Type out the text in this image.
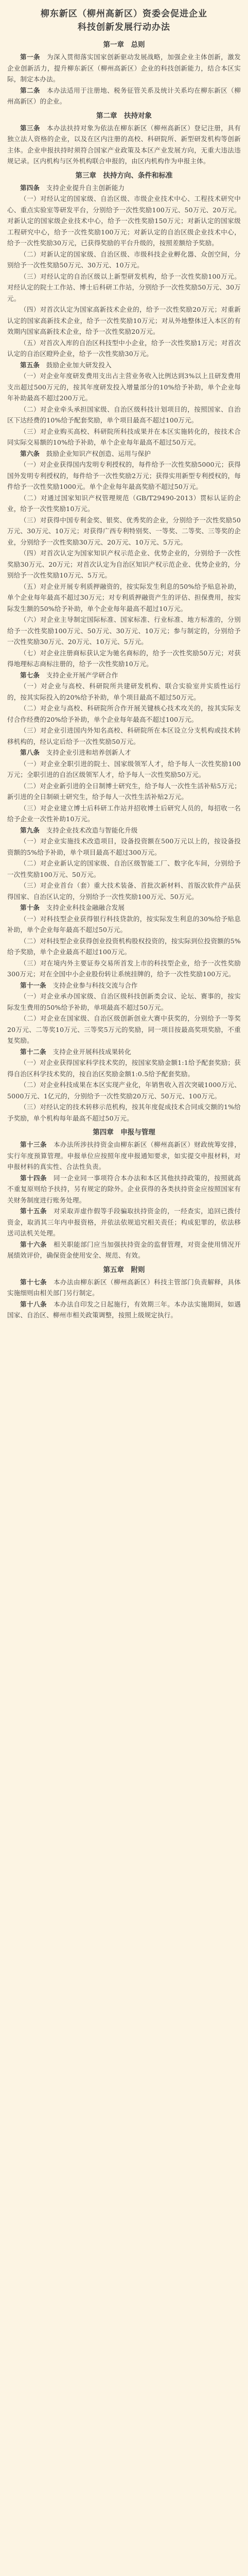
柳东新区（柳州高新区）资委会促进企业
科技创新发展行动办法
第一章　总则

第一条　为深入贯彻落实国家创新驱动发展战略，加强企业主体创新，激发企业创新活力，提升柳东新区（柳州高新区）企业的科技创新能力，结合本区实际，制定本办法。

第二条　本办法适用于注册地、税务征管关系及统计关系均在柳东新区（柳州高新区）的企业。

第二章　扶持对象

第三条　本办法扶持对象为依法在柳东新区（柳州高新区）登记注册，具有独立法人资格的企业，以及在区内注册的高校、科研院所、新型研发机构等创新主体。企业申报扶持时须符合国家产业政策及本区产业发展方向，无重大违法违规记录。区内机构与区外机构联合申报的，由区内机构作为申报主体。

第三章　扶持方向、条件和标准

第四条　支持企业提升自主创新能力

（一）对经认定的国家级、自治区级、市级企业技术中心、工程技术研究中心、重点实验室等研发平台，分别给予一次性奖励100万元、50万元、20万元。对新认定的国家级企业技术中心，给予一次性奖励150万元；对新认定的国家级工程研究中心，给予一次性奖励100万元；对新认定的自治区级企业技术中心，给予一次性奖励30万元，已获得奖励的平台升级的，按照差额给予奖励。

（二）对新认定的国家级、自治区级、市级科技企业孵化器、众创空间，分别给予一次性奖励50万元、30万元、10万元。

（三）对经认定的自治区级以上新型研发机构，给予一次性奖励100万元。对经认定的院士工作站、博士后科研工作站，分别给予一次性奖励50万元、30万元。

（四）对首次认定为国家高新技术企业的，给予一次性奖励20万元；对重新认定的国家高新技术企业，给予一次性奖励10万元；对从外地整体迁入本区的有效期内国家高新技术企业，给予一次性奖励20万元。

（五）对首次入库的自治区科技型中小企业，给予一次性奖励1万元；对首次认定的自治区瞪羚企业，给予一次性奖励30万元。

第五条　鼓励企业加大研发投入

（一）对企业年度研发费用支出占主营业务收入比例达到3%以上且研发费用支出超过500万元的，按其年度研发投入增量部分的10%给予补助，单个企业每年补助最高不超过200万元。

（二）对企业牵头承担国家级、自治区级科技计划项目的，按照国家、自治区下达经费的10%给予配套奖励，单个项目最高不超过100万元。

（三）对企业购买高校、科研院所科技成果并在本区实施转化的，按技术合同实际交易额的10%给予补助，单个企业每年最高不超过50万元。

第六条　鼓励企业知识产权创造、运用与保护

（一）对企业获得国内发明专利授权的，每件给予一次性奖励5000元；获得国外发明专利授权的，每件给予一次性奖励2万元；获得实用新型专利授权的，每件给予一次性奖励1000元。单个企业每年最高奖励不超过50万元。

（二）对通过国家知识产权管理规范（GB/T29490-2013）贯标认证的企业，给予一次性奖励10万元。

（三）对获得中国专利金奖、银奖、优秀奖的企业，分别给予一次性奖励50万元、30万元、10万元；对获得广西专利特别奖、一等奖、二等奖、三等奖的企业，分别给予一次性奖励30万元、20万元、10万元、5万元。

（四）对首次认定为国家知识产权示范企业、优势企业的，分别给予一次性奖励30万元、20万元；对首次认定为自治区知识产权示范企业、优势企业的，分别给予一次性奖励10万元、5万元。

（五）对企业开展专利质押融资的，按实际发生利息的50%给予贴息补助，单个企业每年最高不超过30万元；对专利质押融资产生的评估、担保费用，按实际发生额的50%给予补助，单个企业每年最高不超过10万元。

（六）对企业主导制定国际标准、国家标准、行业标准、地方标准的，分别给予一次性奖励100万元、50万元、30万元、10万元；参与制定的，分别给予一次性奖励30万元、20万元、10万元、5万元。

（七）对企业注册商标获认定为驰名商标的，给予一次性奖励50万元；对获得地理标志商标注册的，给予一次性奖励10万元。

第七条　支持企业开展产学研合作

（一）对企业与高校、科研院所共建研发机构、联合实验室并实质性运行的，按其实际投入的20%给予补助，单个项目最高不超过50万元。

（二）对企业与高校、科研院所合作开展关键核心技术攻关的，按其实际支付合作经费的20%给予补助，单个企业每年最高不超过100万元。

（三）对企业引进国内外知名高校、科研院所在本区设立分支机构或技术转移机构的，经认定后给予一次性奖励50万元。

第八条　支持企业引进和培养创新人才

（一）对企业全职引进的院士、国家级领军人才，给予每人一次性奖励100万元；全职引进的自治区级领军人才，给予每人一次性奖励50万元。

（二）对企业新引进的全日制博士研究生，给予每人一次性生活补贴5万元；新引进的全日制硕士研究生，给予每人一次性生活补贴2万元。

（三）对企业建立博士后科研工作站并招收博士后研究人员的，每招收一名给予企业一次性补助10万元。

第九条　支持企业技术改造与智能化升级

（一）对企业实施技术改造项目，设备投资额在500万元以上的，按设备投资额的5%给予补助，单个项目最高不超过300万元。

（二）对企业新认定的国家级、自治区级智能工厂、数字化车间，分别给予一次性奖励100万元、50万元。

（三）对企业首台（套）重大技术装备、首批次新材料、首版次软件产品获得国家、自治区认定的，分别给予一次性奖励100万元、50万元。

第十条　支持企业科技金融融合发展

（一）对科技型企业获得银行科技贷款的，按实际发生利息的30%给予贴息补助，单个企业每年最高不超过50万元。

（二）对科技型企业获得创业投资机构股权投资的，按实际到位投资额的5%给予奖励，单个企业最高不超过100万元。

（三）对在境内外主要证券交易所首发上市的科技型企业，给予一次性奖励300万元；对在全国中小企业股份转让系统挂牌的，给予一次性奖励100万元。

第十一条　支持企业参与科技交流与合作

（一）对企业承办国家级、自治区级科技创新类会议、论坛、赛事的，按实际发生费用的50%给予补助，单项最高不超过50万元。

（二）对企业在国家级、自治区级创新创业大赛中获奖的，分别给予一等奖20万元、二等奖10万元、三等奖5万元的奖励，同一项目按最高奖项奖励，不重复奖励。

第十二条　支持企业开展科技成果转化

（一）对企业获得国家科学技术奖的，按国家奖励金额1:1给予配套奖励；获得自治区科学技术奖的，按自治区奖励金额1:0.5给予配套奖励。

（二）对企业科技成果在本区实现产业化，年销售收入首次突破1000万元、5000万元、1亿元的，分别给予一次性奖励20万元、50万元、100万元。

（三）对经认定的技术转移示范机构，按其年度促成技术合同成交额的1%给予奖励，单个机构每年最高不超过50万元。

第四章　申报与管理

第十三条　本办法所涉扶持资金由柳东新区（柳州高新区）财政统筹安排，实行年度预算管理。申报单位应按照年度申报通知要求，如实提交申报材料，对申报材料的真实性、合法性负责。

第十四条　同一企业同一事项符合本办法和本区其他扶持政策的，按照就高不重复原则给予扶持，另有规定的除外。企业获得的各类扶持资金应按照国家有关财务制度进行账务处理。

第十五条　对采取弄虚作假等手段骗取扶持资金的，一经查实，追回已拨付资金，取消其三年内申报资格，并依法依规追究相关责任；构成犯罪的，依法移送司法机关处理。

第十六条　相关职能部门应当加强扶持资金的监督管理，对资金使用情况开展绩效评价，确保资金使用安全、规范、有效。

第五章　附则

第十七条　本办法由柳东新区（柳州高新区）科技主管部门负责解释，具体实施细则由相关部门另行制定。

第十八条　本办法自印发之日起施行，有效期三年。本办法实施期间，如遇国家、自治区、柳州市相关政策调整，按照上级规定执行。
